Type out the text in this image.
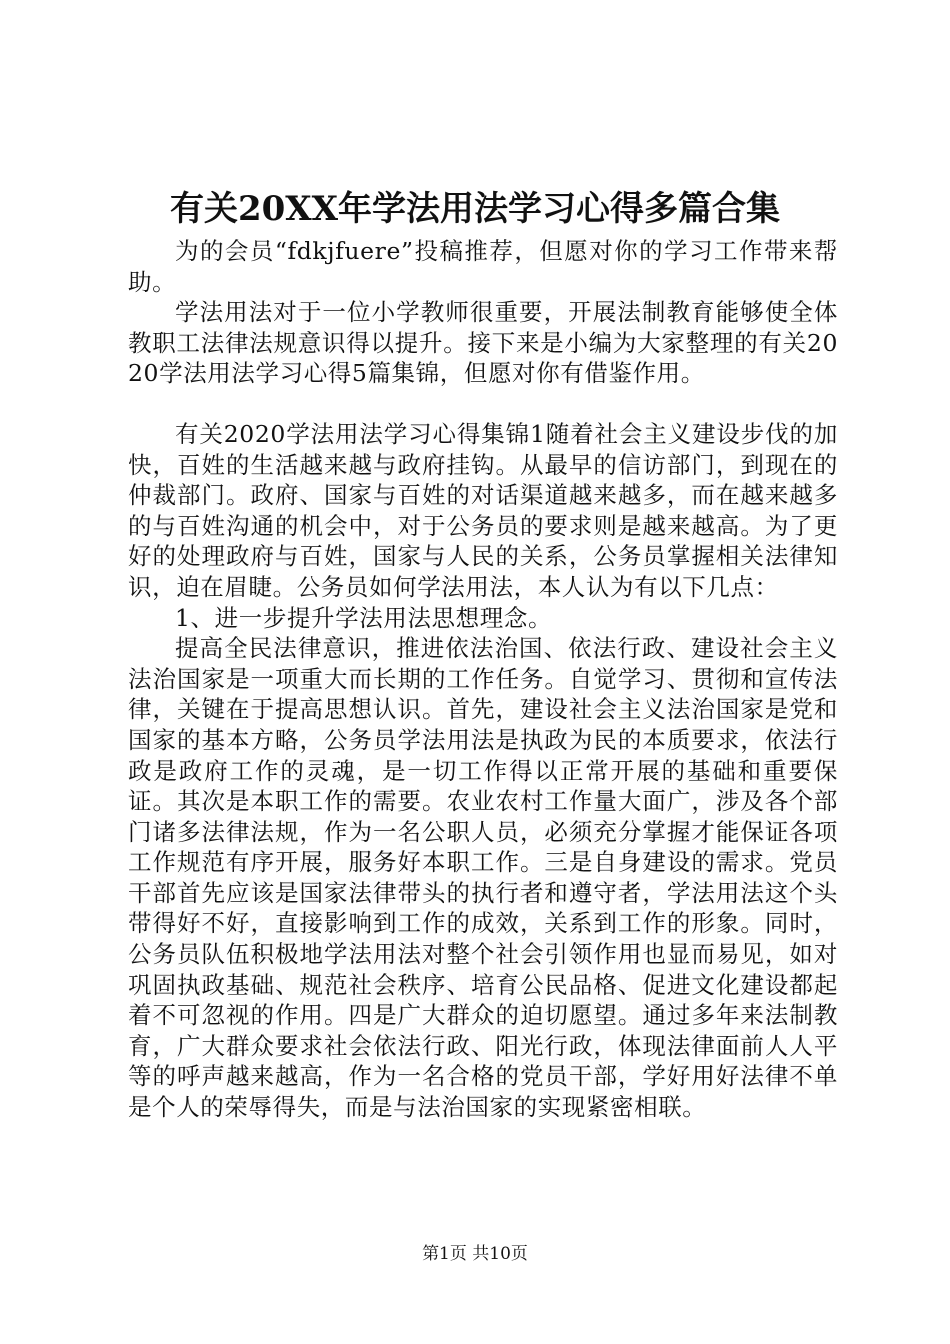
有关20XX年学法用法学习心得多篇合集

为的会员“fdkjfuere”投稿推荐，但愿对你的学习工作带来帮助。

学法用法对于一位小学教师很重要，开展法制教育能够使全体教职工法律法规意识得以提升。接下来是小编为大家整理的有关2020学法用法学习心得5篇集锦，但愿对你有借鉴作用。

有关2020学法用法学习心得集锦1随着社会主义建设步伐的加快，百姓的生活越来越与政府挂钩。从最早的信访部门，到现在的仲裁部门。政府、国家与百姓的对话渠道越来越多，而在越来越多的与百姓沟通的机会中，对于公务员的要求则是越来越高。为了更好的处理政府与百姓，国家与人民的关系，公务员掌握相关法律知识，迫在眉睫。公务员如何学法用法，本人认为有以下几点：

1、进一步提升学法用法思想理念。

提高全民法律意识，推进依法治国、依法行政、建设社会主义法治国家是一项重大而长期的工作任务。自觉学习、贯彻和宣传法律，关键在于提高思想认识。首先，建设社会主义法治国家是党和国家的基本方略，公务员学法用法是执政为民的本质要求，依法行政是政府工作的灵魂，是一切工作得以正常开展的基础和重要保证。其次是本职工作的需要。农业农村工作量大面广，涉及各个部门诸多法律法规，作为一名公职人员，必须充分掌握才能保证各项工作规范有序开展，服务好本职工作。三是自身建设的需求。党员干部首先应该是国家法律带头的执行者和遵守者，学法用法这个头带得好不好，直接影响到工作的成效，关系到工作的形象。同时，公务员队伍积极地学法用法对整个社会引领作用也显而易见，如对巩固执政基础、规范社会秩序、培育公民品格、促进文化建设都起着不可忽视的作用。四是广大群众的迫切愿望。通过多年来法制教育，广大群众要求社会依法行政、阳光行政，体现法律面前人人平等的呼声越来越高，作为一名合格的党员干部，学好用好法律不单是个人的荣辱得失，而是与法治国家的实现紧密相联。

第1页 共10页
